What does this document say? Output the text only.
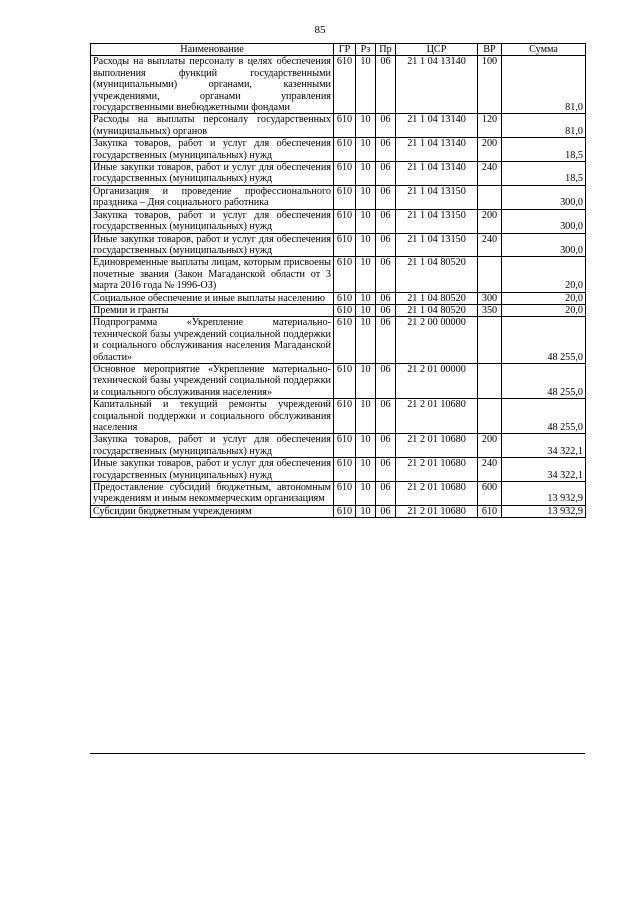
85
Наименование	ГР	Рз	Пр	ЦСР	ВР	Сумма
Расходы на выплаты персоналу в целях обеспечения выполнения функций государственными (муниципальными) органами, казенными учреждениями, органами управления государственными внебюджетными фондами	610	10	06	21 1 04 13140	100	81,0
Расходы на выплаты персоналу государственных (муниципальных) органов	610	10	06	21 1 04 13140	120	81,0
Закупка товаров, работ и услуг для обеспечения государственных (муниципальных) нужд	610	10	06	21 1 04 13140	200	18,5
Иные закупки товаров, работ и услуг для обеспечения государственных (муниципальных) нужд	610	10	06	21 1 04 13140	240	18,5
Организация и проведение профессионального праздника – Дня социального работника	610	10	06	21 1 04 13150		300,0
Закупка товаров, работ и услуг для обеспечения государственных (муниципальных) нужд	610	10	06	21 1 04 13150	200	300,0
Иные закупки товаров, работ и услуг для обеспечения государственных (муниципальных) нужд	610	10	06	21 1 04 13150	240	300,0
Единовременные выплаты лицам, которым присвоены почетные звания (Закон Магаданской области от 3 марта 2016 года № 1996-ОЗ)	610	10	06	21 1 04 80520		20,0
Социальное обеспечение и иные выплаты населению	610	10	06	21 1 04 80520	300	20,0
Премии и гранты	610	10	06	21 1 04 80520	350	20,0
Подпрограмма «Укрепление материально-технической базы учреждений социальной поддержки и социального обслуживания населения Магаданской области»	610	10	06	21 2 00 00000		48 255,0
Основное мероприятие «Укрепление материально-технической базы учреждений социальной поддержки и социального обслуживания населения»	610	10	06	21 2 01 00000		48 255,0
Капитальный и текущий ремонты учреждений социальной поддержки и социального обслуживания населения	610	10	06	21 2 01 10680		48 255,0
Закупка товаров, работ и услуг для обеспечения государственных (муниципальных) нужд	610	10	06	21 2 01 10680	200	34 322,1
Иные закупки товаров, работ и услуг для обеспечения государственных (муниципальных) нужд	610	10	06	21 2 01 10680	240	34 322,1
Предоставление субсидий бюджетным, автономным учреждениям и иным некоммерческим организациям	610	10	06	21 2 01 10680	600	13 932,9
Субсидии бюджетным учреждениям	610	10	06	21 2 01 10680	610	13 932,9
